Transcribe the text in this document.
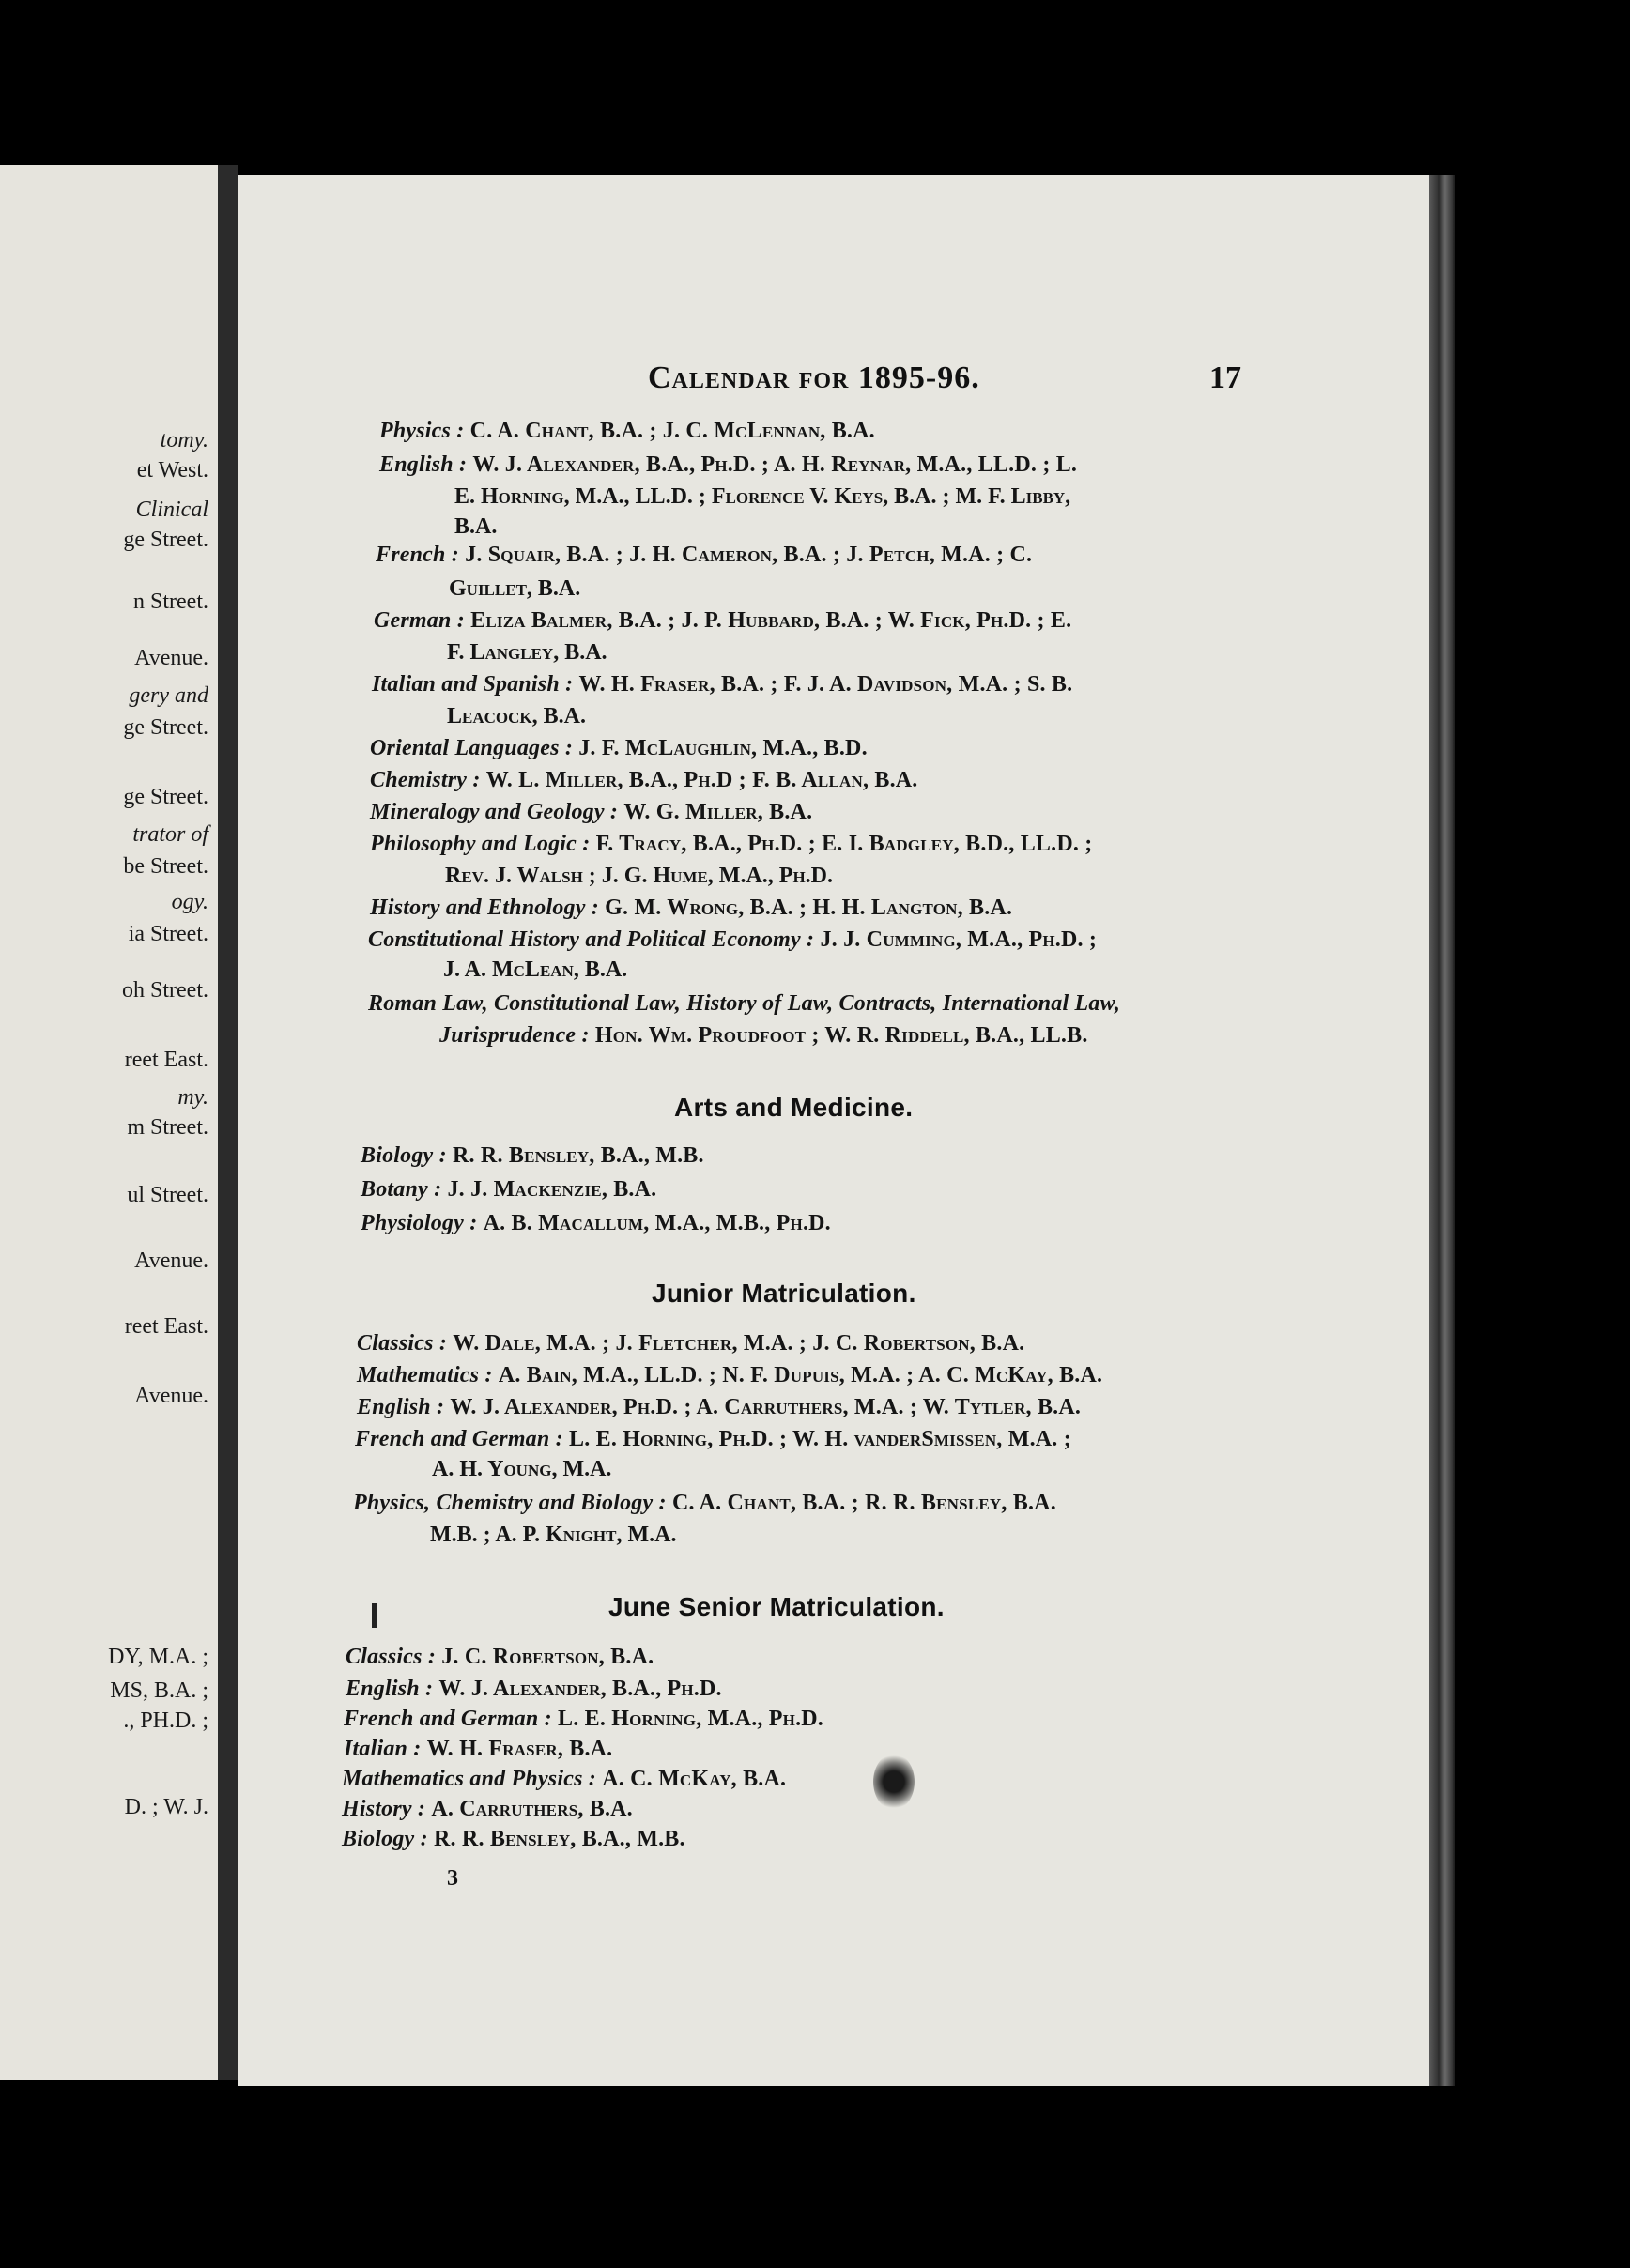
tomy.
et West.
Clinical
ge Street.
n Street.
Avenue.
gery and
ge Street.
ge Street.
trator of
be Street.
ogy.
ia Street.
oh Street.
reet East.
my.
m Street.
ul Street.
Avenue.
reet East.
Avenue.
DY, M.A. ;
MS, B.A. ;
., PH.D. ;
D. ; W. J.
Calendar for 1895-96.	17
Physics : C. A. Chant, B.A. ; J. C. McLennan, B.A.
English : W. J. Alexander, B.A., Ph.D. ; A. H. Reynar, M.A., LL.D. ; L.
E. Horning, M.A., LL.D. ; Florence V. Keys, B.A. ; M. F. Libby,
B.A.
French : J. Squair, B.A. ; J. H. Cameron, B.A. ; J. Petch, M.A. ; C.
Guillet, B.A.
German : Eliza Balmer, B.A. ; J. P. Hubbard, B.A. ; W. Fick, Ph.D. ; E.
F. Langley, B.A.
Italian and Spanish : W. H. Fraser, B.A. ; F. J. A. Davidson, M.A. ; S. B.
Leacock, B.A.
Oriental Languages : J. F. McLaughlin, M.A., B.D.
Chemistry : W. L. Miller, B.A., Ph.D ; F. B. Allan, B.A.
Mineralogy and Geology : W. G. Miller, B.A.
Philosophy and Logic : F. Tracy, B.A., Ph.D. ; E. I. Badgley, B.D., LL.D. ;
Rev. J. Walsh ; J. G. Hume, M.A., Ph.D.
History and Ethnology : G. M. Wrong, B.A. ; H. H. Langton, B.A.
Constitutional History and Political Economy : J. J. Cumming, M.A., Ph.D. ;
J. A. McLean, B.A.
Roman Law, Constitutional Law, History of Law, Contracts, International Law,
Jurisprudence : Hon. Wm. Proudfoot ; W. R. Riddell, B.A., LL.B.
Arts and Medicine.
Biology : R. R. Bensley, B.A., M.B.
Botany : J. J. Mackenzie, B.A.
Physiology : A. B. Macallum, M.A., M.B., Ph.D.
Junior Matriculation.
Classics : W. Dale, M.A. ; J. Fletcher, M.A. ; J. C. Robertson, B.A.
Mathematics : A. Bain, M.A., LL.D. ; N. F. Dupuis, M.A. ; A. C. McKay, B.A.
English : W. J. Alexander, Ph.D. ; A. Carruthers, M.A. ; W. Tytler, B.A.
French and German : L. E. Horning, Ph.D. ; W. H. vanderSmissen, M.A. ;
A. H. Young, M.A.
Physics, Chemistry and Biology : C. A. Chant, B.A. ; R. R. Bensley, B.A.
M.B. ; A. P. Knight, M.A.
June Senior Matriculation.
Classics : J. C. Robertson, B.A.
English : W. J. Alexander, B.A., Ph.D.
French and German : L. E. Horning, M.A., Ph.D.
Italian : W. H. Fraser, B.A.
Mathematics and Physics : A. C. McKay, B.A.
History : A. Carruthers, B.A.
Biology : R. R. Bensley, B.A., M.B.
3
